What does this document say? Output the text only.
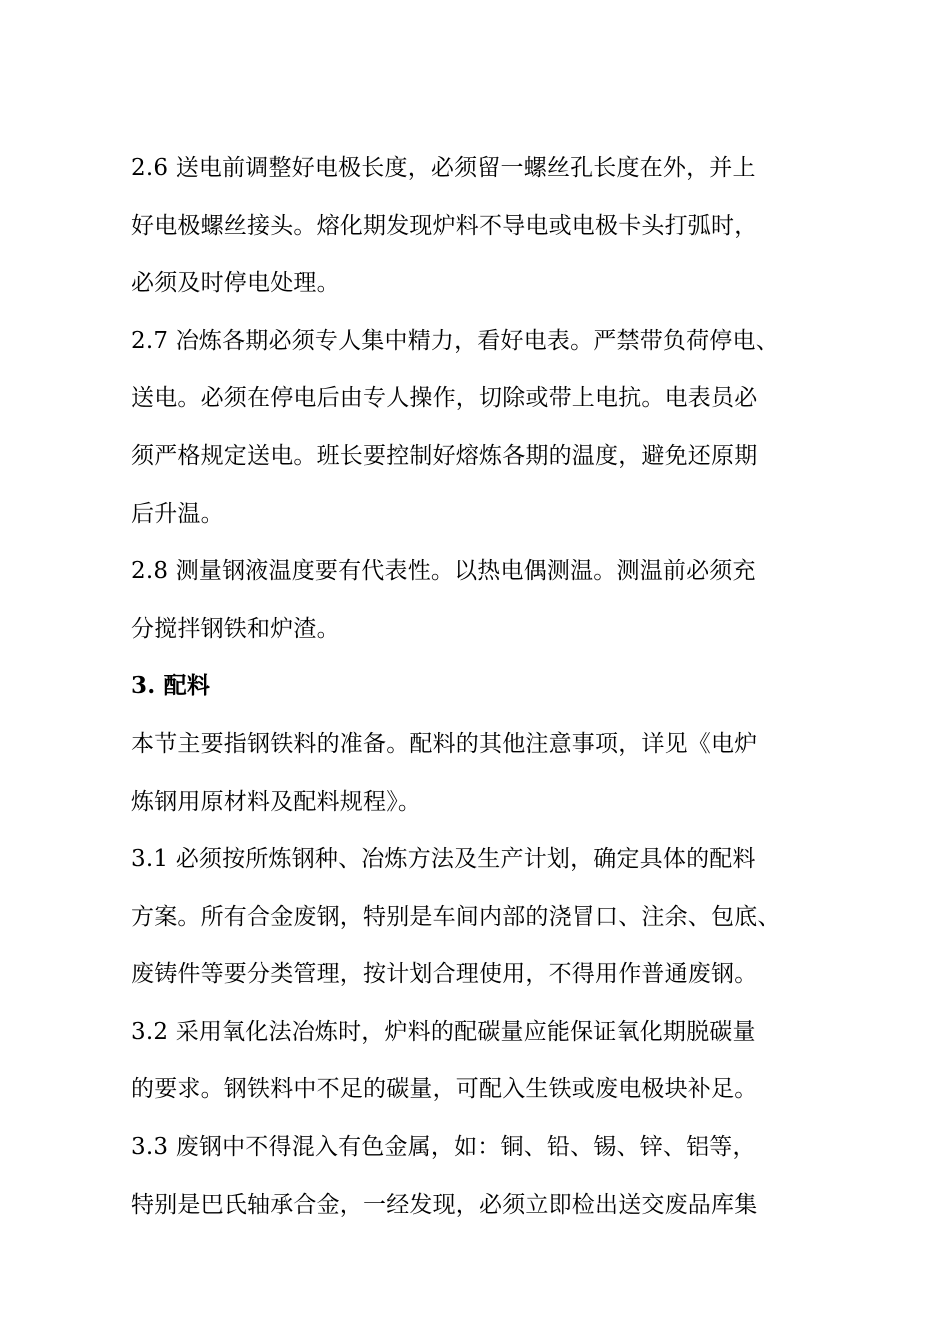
2.6 送电前调整好电极长度，必须留一螺丝孔长度在外，并上
好电极螺丝接头。熔化期发现炉料不导电或电极卡头打弧时，
必须及时停电处理。
2.7 冶炼各期必须专人集中精力，看好电表。严禁带负荷停电、
送电。必须在停电后由专人操作，切除或带上电抗。电表员必
须严格规定送电。班长要控制好熔炼各期的温度，避免还原期
后升温。
2.8 测量钢液温度要有代表性。以热电偶测温。测温前必须充
分搅拌钢铁和炉渣。
3. 配料
本节主要指钢铁料的准备。配料的其他注意事项，详见《电炉
炼钢用原材料及配料规程》。
3.1 必须按所炼钢种、冶炼方法及生产计划，确定具体的配料
方案。所有合金废钢，特别是车间内部的浇冒口、注余、包底、
废铸件等要分类管理，按计划合理使用，不得用作普通废钢。
3.2 采用氧化法冶炼时，炉料的配碳量应能保证氧化期脱碳量
的要求。钢铁料中不足的碳量，可配入生铁或废电极块补足。
3.3 废钢中不得混入有色金属，如：铜、铅、锡、锌、铝等，
特别是巴氏轴承合金，一经发现，必须立即检出送交废品库集
